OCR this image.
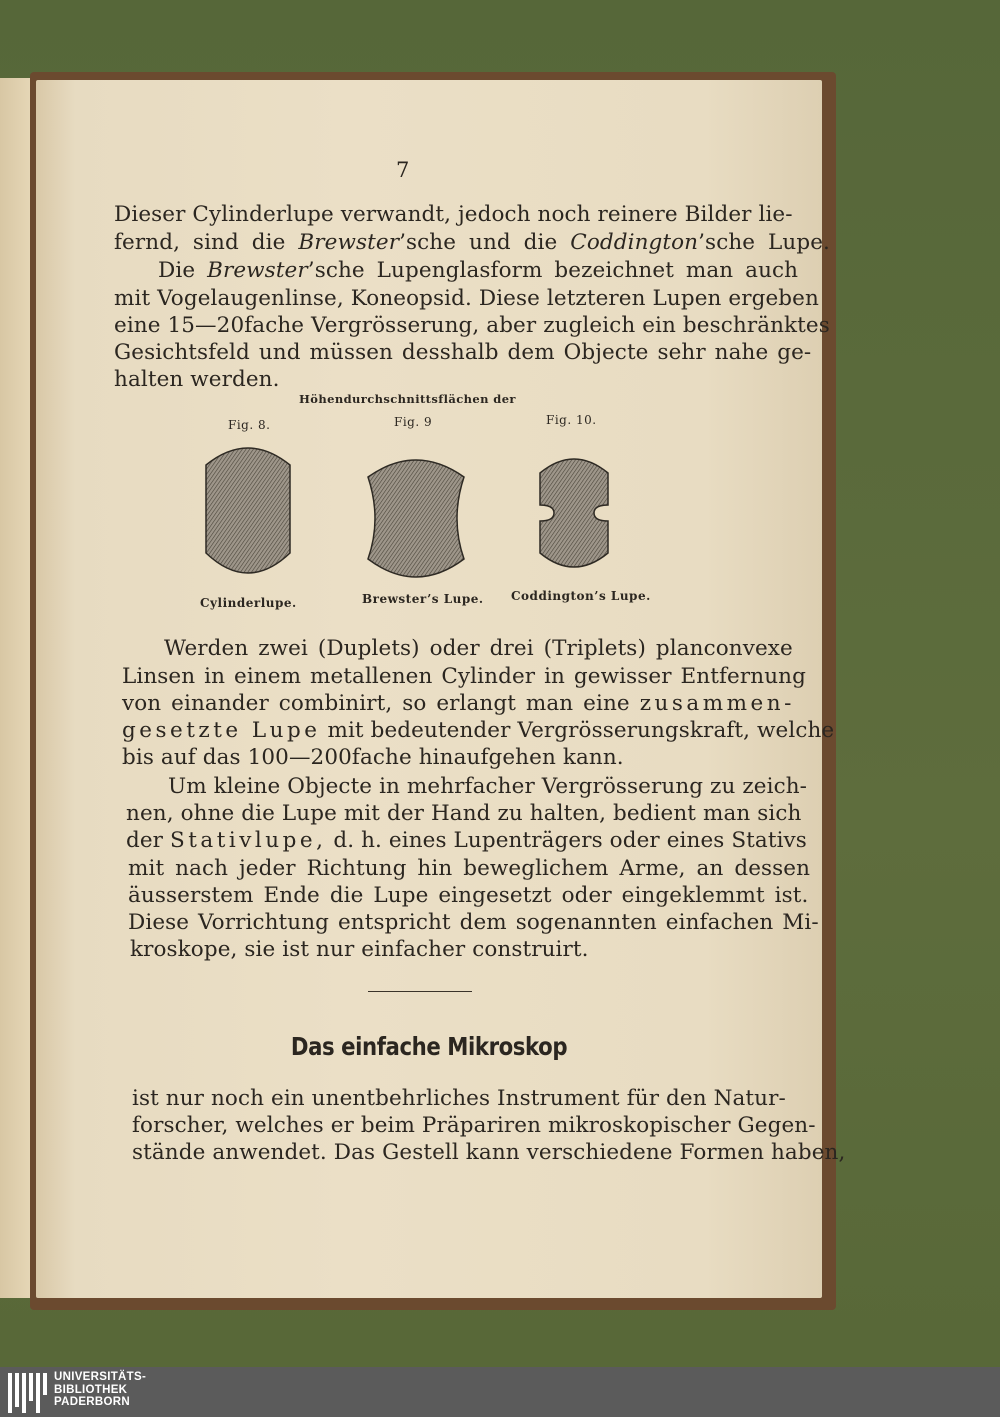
7

Dieser Cylinderlupe verwandt, jedoch noch reinere Bilder lie-

fernd, sind die Brewster’sche und die Coddington’sche Lupe.

Die Brewster’sche Lupenglasform bezeichnet man auch

mit Vogelaugenlinse, Koneopsid. Diese letzteren Lupen ergeben

eine 15—20fache Vergrösserung, aber zugleich ein beschränktes

Gesichtsfeld und müssen desshalb dem Objecte sehr nahe ge-

halten werden.

Höhendurchschnittsflächen der

Fig. 8.	Fig. 9	Fig. 10.

Cylinderlupe.	Brewster’s Lupe. Coddington’s Lupe.

Werden zwei (Duplets) oder drei (Triplets) planconvexe

Linsen in einem metallenen Cylinder in gewisser Entfernung

von einander combinirt, so erlangt man eine zusammen-

gesetzte Lupe mit bedeutender Vergrösserungskraft, welche

bis auf das 100—200fache hinaufgehen kann.

Um kleine Objecte in mehrfacher Vergrösserung zu zeich-

nen, ohne die Lupe mit der Hand zu halten, bedient man sich

der Stativlupe, d. h. eines Lupenträgers oder eines Stativs

mit nach jeder Richtung hin beweglichem Arme, an dessen

äusserstem Ende die Lupe eingesetzt oder eingeklemmt ist.

Diese Vorrichtung entspricht dem sogenannten einfachen Mi-

kroskope, sie ist nur einfacher construirt.

Das einfache Mikroskop

ist nur noch ein unentbehrliches Instrument für den Natur-

forscher, welches er beim Präpariren mikroskopischer Gegen-

stände anwendet. Das Gestell kann verschiedene Formen haben,

UNIVERSITÄTS-
BIBLIOTHEK
PADERBORN
